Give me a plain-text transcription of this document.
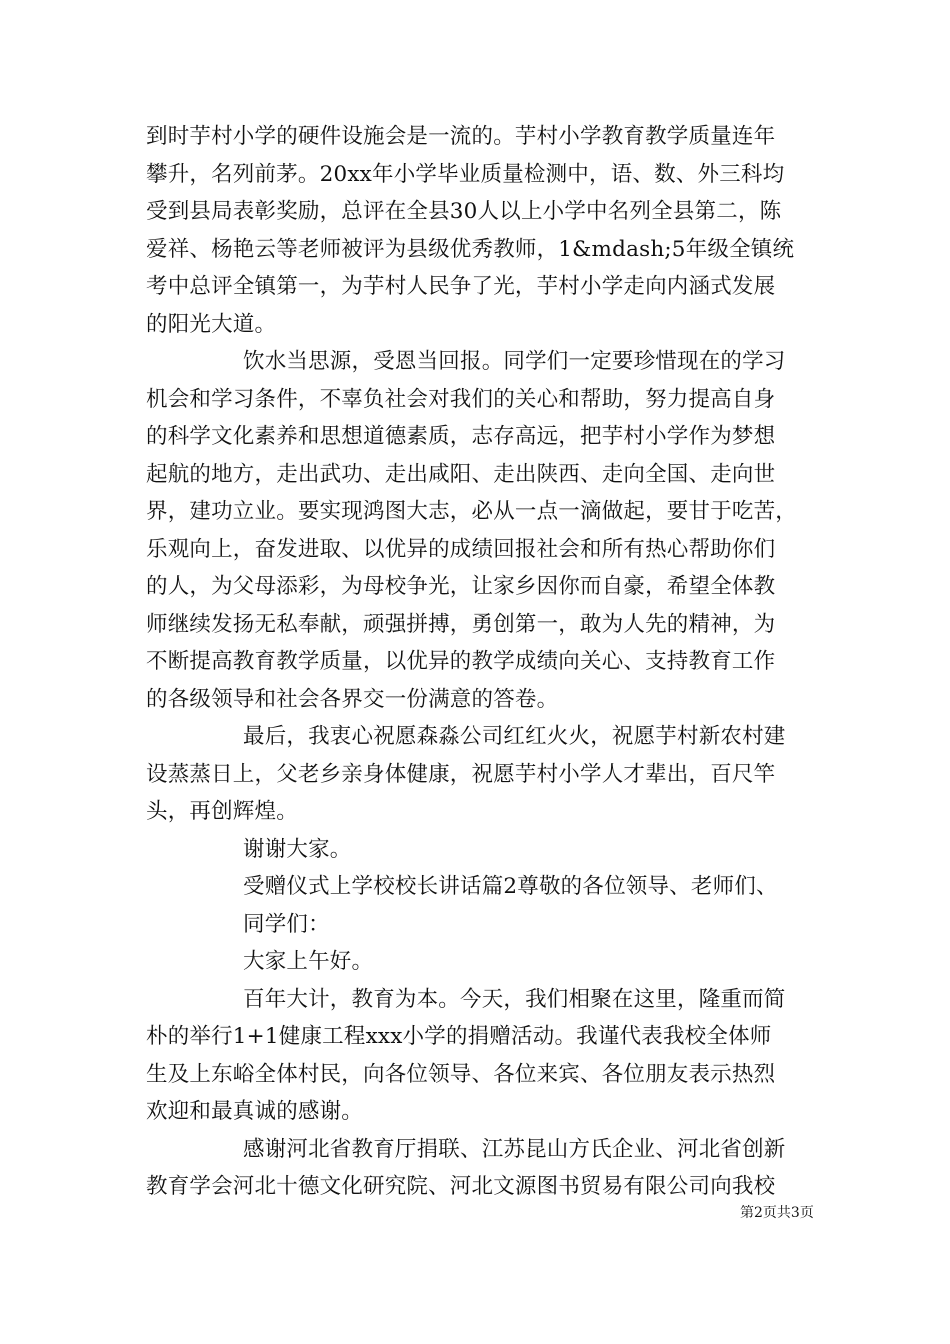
到时芋村小学的硬件设施会是一流的。芋村小学教育教学质量连年
攀升，名列前茅。20xx年小学毕业质量检测中，语、数、外三科均
受到县局表彰奖励，总评在全县30人以上小学中名列全县第二，陈
爱祥、杨艳云等老师被评为县级优秀教师，1&mdash;5年级全镇统
考中总评全镇第一，为芋村人民争了光，芋村小学走向内涵式发展
的阳光大道。
饮水当思源，受恩当回报。同学们一定要珍惜现在的学习
机会和学习条件，不辜负社会对我们的关心和帮助，努力提高自身
的科学文化素养和思想道德素质，志存高远，把芋村小学作为梦想
起航的地方，走出武功、走出咸阳、走出陕西、走向全国、走向世
界，建功立业。要实现鸿图大志，必从一点一滴做起，要甘于吃苦，
乐观向上，奋发进取、以优异的成绩回报社会和所有热心帮助你们
的人，为父母添彩，为母校争光，让家乡因你而自豪，希望全体教
师继续发扬无私奉献，顽强拼搏，勇创第一，敢为人先的精神，为
不断提高教育教学质量，以优异的教学成绩向关心、支持教育工作
的各级领导和社会各界交一份满意的答卷。
最后，我衷心祝愿森淼公司红红火火，祝愿芋村新农村建
设蒸蒸日上，父老乡亲身体健康，祝愿芋村小学人才辈出，百尺竿
头，再创辉煌。
谢谢大家。
受赠仪式上学校校长讲话篇2尊敬的各位领导、老师们、
同学们：
大家上午好。
百年大计，教育为本。今天，我们相聚在这里，隆重而简
朴的举行1+1健康工程xxx小学的捐赠活动。我谨代表我校全体师
生及上东峪全体村民，向各位领导、各位来宾、各位朋友表示热烈
欢迎和最真诚的感谢。
感谢河北省教育厅捐联、江苏昆山方氏企业、河北省创新
教育学会河北十德文化研究院、河北文源图书贸易有限公司向我校
第2页共3页
